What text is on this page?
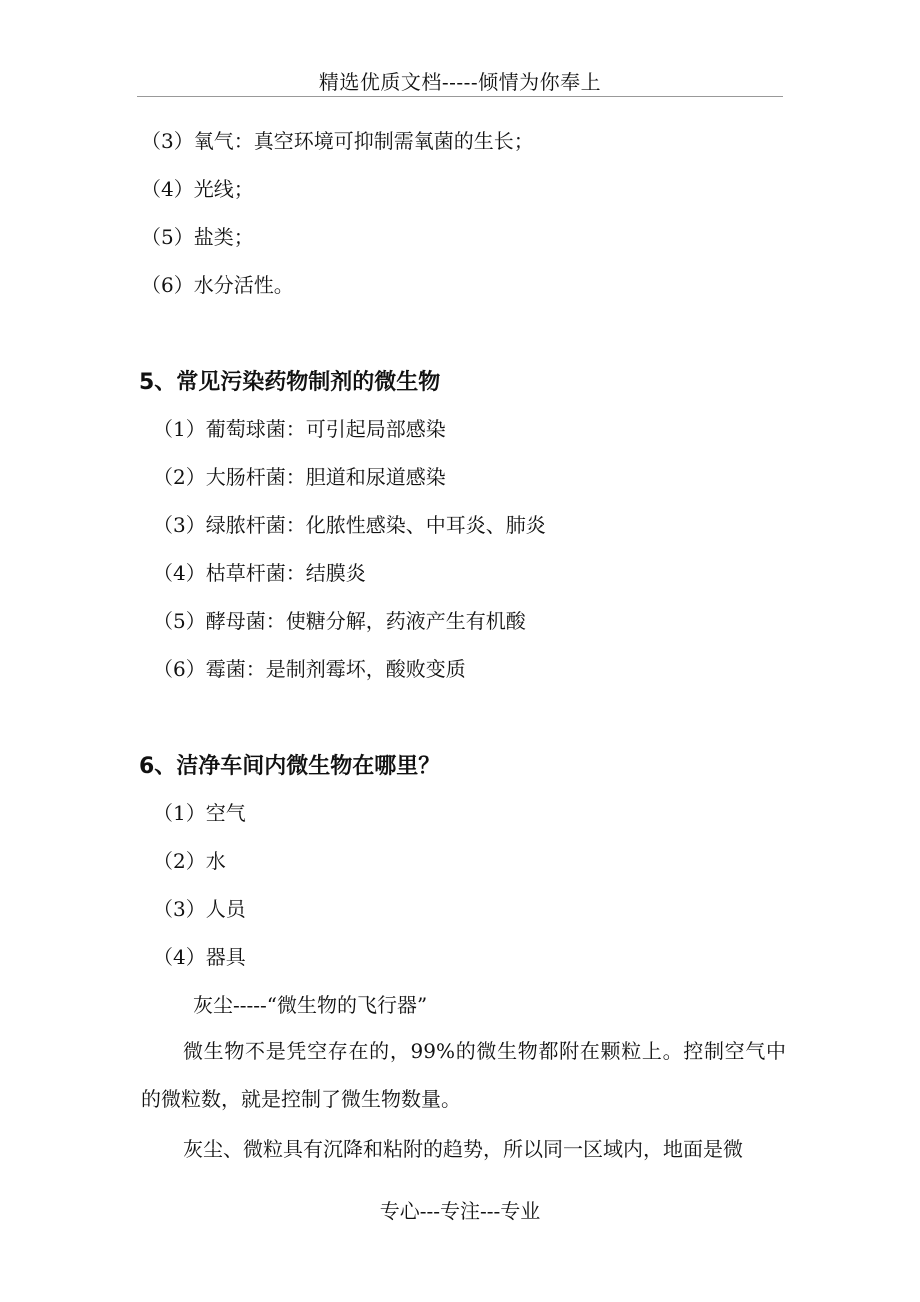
精选优质文档-----倾情为你奉上
（3）氧气：真空环境可抑制需氧菌的生长；
（4）光线；
（5）盐类；
（6）水分活性。
5、常见污染药物制剂的微生物
（1）葡萄球菌：可引起局部感染
（2）大肠杆菌：胆道和尿道感染
（3）绿脓杆菌：化脓性感染、中耳炎、肺炎
（4）枯草杆菌：结膜炎
（5）酵母菌：使糖分解，药液产生有机酸
（6）霉菌：是制剂霉坏，酸败变质
6、洁净车间内微生物在哪里？
（1）空气
（2）水
（3）人员
（4）器具
灰尘-----“微生物的飞行器”
微生物不是凭空存在的，99%的微生物都附在颗粒上。控制空气中的微粒数，就是控制了微生物数量。
灰尘、微粒具有沉降和粘附的趋势，所以同一区域内，地面是微
专心---专注---专业
